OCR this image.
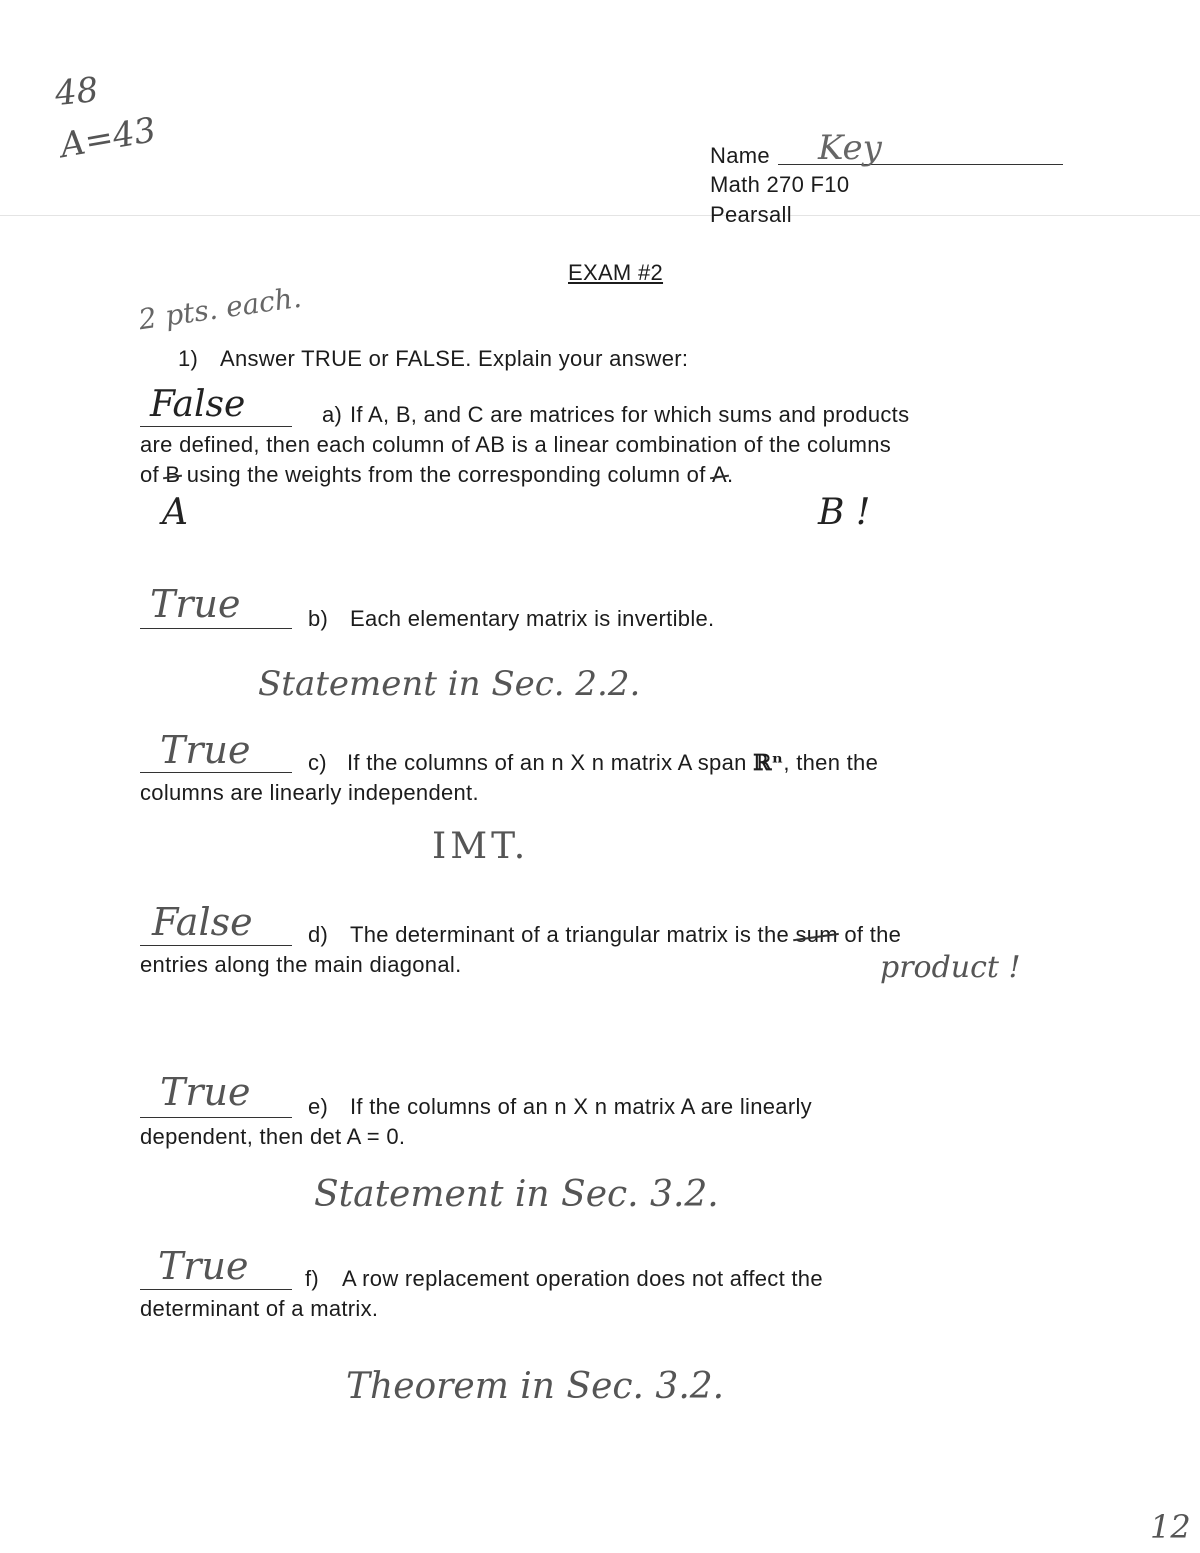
48
A=43	Name Key
Math 270 F10
Pearsall
EXAM #2
2 pts. each.
1) Answer TRUE or FALSE. Explain your answer:
False	a) If A, B, and C are matrices for which sums and products
are defined, then each column of AB is a linear combination of the columns
of B using the weights from the corresponding column of A.
A	B !
True	b) Each elementary matrix is invertible.
Statement in Sec. 2.2.
True	c) If the columns of an n X n matrix A span ℝⁿ, then the
columns are linearly independent.
IMT.
False	d) The determinant of a triangular matrix is the sum of the
entries along the main diagonal.	product !
True	e) If the columns of an n X n matrix A are linearly
dependent, then det A = 0.
Statement in Sec. 3.2.
True	f) A row replacement operation does not affect the
determinant of a matrix.
Theorem in Sec. 3.2.
12
